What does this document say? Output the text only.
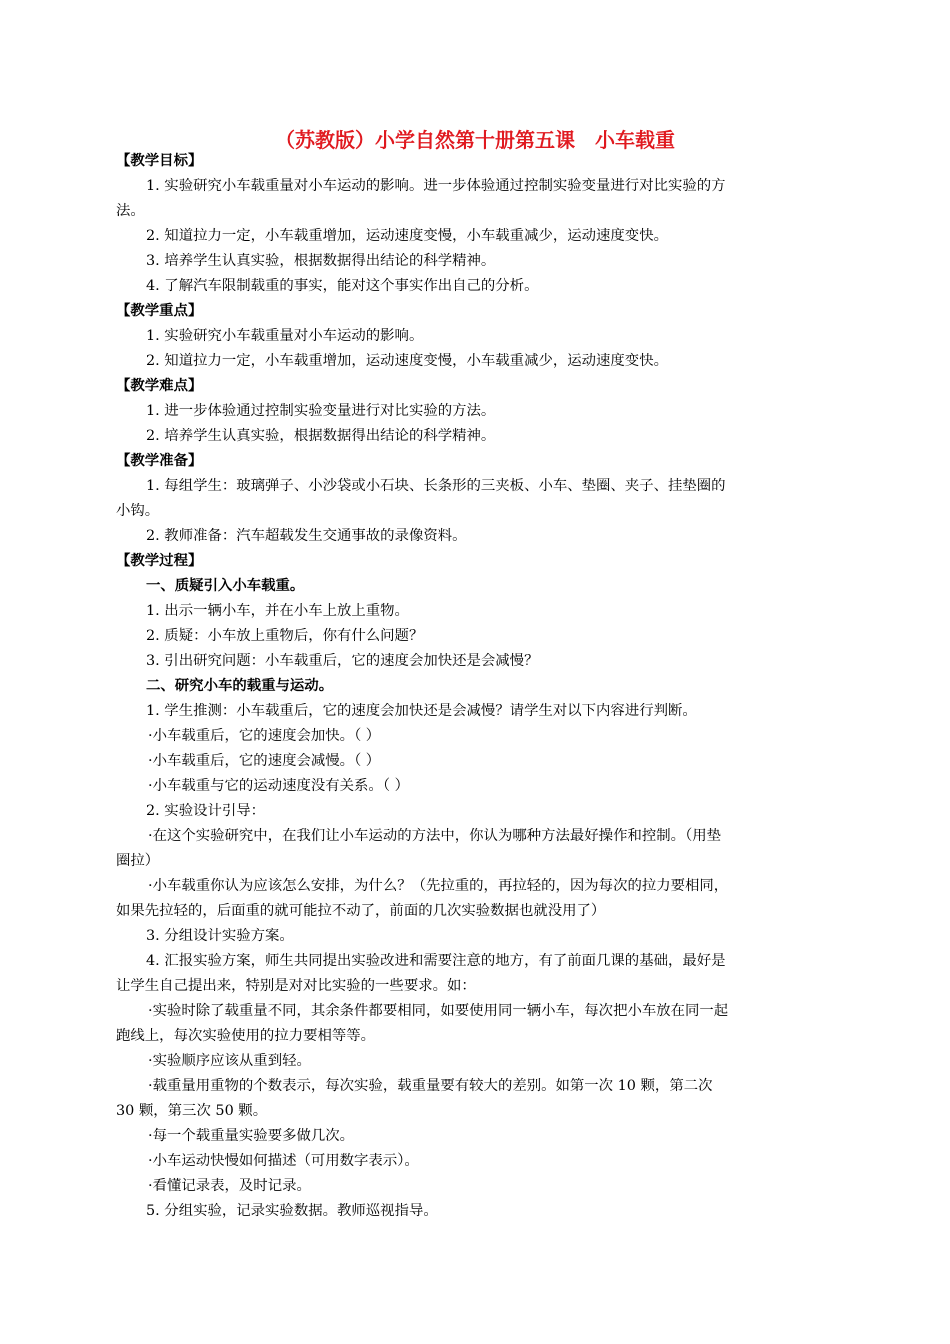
（苏教版）小学自然第十册第五课　小车载重
【教学目标】
1. 实验研究小车载重量对小车运动的影响。进一步体验通过控制实验变量进行对比实验的方
法。
2. 知道拉力一定，小车载重增加，运动速度变慢，小车载重减少，运动速度变快。
3. 培养学生认真实验，根据数据得出结论的科学精神。
4. 了解汽车限制载重的事实，能对这个事实作出自己的分析。
【教学重点】
1. 实验研究小车载重量对小车运动的影响。
2. 知道拉力一定，小车载重增加，运动速度变慢，小车载重减少，运动速度变快。
【教学难点】
1. 进一步体验通过控制实验变量进行对比实验的方法。
2. 培养学生认真实验，根据数据得出结论的科学精神。
【教学准备】
1. 每组学生：玻璃弹子、小沙袋或小石块、长条形的三夹板、小车、垫圈、夹子、挂垫圈的
小钩。
2. 教师准备：汽车超载发生交通事故的录像资料。
【教学过程】
一、质疑引入小车载重。
1. 出示一辆小车，并在小车上放上重物。
2. 质疑：小车放上重物后，你有什么问题？
3. 引出研究问题：小车载重后，它的速度会加快还是会减慢？
二、研究小车的载重与运动。
1. 学生推测：小车载重后，它的速度会加快还是会减慢？请学生对以下内容进行判断。
·小车载重后，它的速度会加快。（ ）
·小车载重后，它的速度会减慢。（ ）
·小车载重与它的运动速度没有关系。（ ）
2. 实验设计引导：
·在这个实验研究中，在我们让小车运动的方法中，你认为哪种方法最好操作和控制。（用垫
圈拉）
·小车载重你认为应该怎么安排，为什么？（先拉重的，再拉轻的，因为每次的拉力要相同，
如果先拉轻的，后面重的就可能拉不动了，前面的几次实验数据也就没用了）
3. 分组设计实验方案。
4. 汇报实验方案，师生共同提出实验改进和需要注意的地方，有了前面几课的基础，最好是
让学生自己提出来，特别是对对比实验的一些要求。如：
·实验时除了载重量不同，其余条件都要相同，如要使用同一辆小车，每次把小车放在同一起
跑线上，每次实验使用的拉力要相等等。
·实验顺序应该从重到轻。
·载重量用重物的个数表示，每次实验，载重量要有较大的差别。如第一次 10 颗，第二次
30 颗，第三次 50 颗。
·每一个载重量实验要多做几次。
·小车运动快慢如何描述（可用数字表示）。
·看懂记录表，及时记录。
5. 分组实验，记录实验数据。教师巡视指导。
